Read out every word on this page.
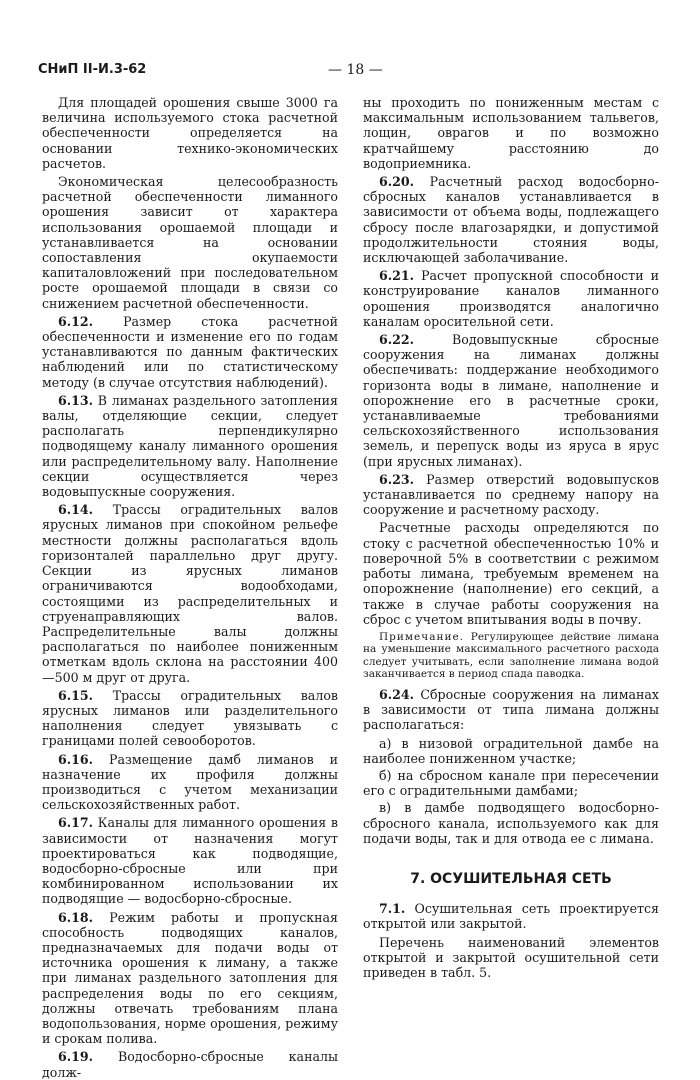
СНиП II-И.3-62	— 18 —

Для площадей орошения свыше 3000 га величина используемого стока расчетной обеспеченности определяется на основании технико-экономических расчетов.

Экономическая целесообразность расчетной обеспеченности лиманного орошения зависит от характера использования орошаемой площади и устанавливается на основании сопоставления окупаемости капиталовложений при последовательном росте орошаемой площади в связи со снижением расчетной обеспеченности.

6.12. Размер стока расчетной обеспеченности и изменение его по годам устанавливаются по данным фактических наблюдений или по статистическому методу (в случае отсутствия наблюдений).

6.13. В лиманах раздельного затопления валы, отделяющие секции, следует располагать перпендикулярно подводящему каналу лиманного орошения или распределительному валу. Наполнение секции осуществляется через водовыпускные сооружения.

6.14. Трассы оградительных валов ярусных лиманов при спокойном рельефе местности должны располагаться вдоль горизонталей параллельно друг другу. Секции из ярусных лиманов ограничиваются водообходами, состоящими из распределительных и струенаправляющих валов. Распределительные валы должны располагаться по наиболее пониженным отметкам вдоль склона на расстоянии 400—500 м друг от друга.

6.15. Трассы оградительных валов ярусных лиманов или разделительного наполнения следует увязывать с границами полей севооборотов.

6.16. Размещение дамб лиманов и назначение их профиля должны производиться с учетом механизации сельскохозяйственных работ.

6.17. Каналы для лиманного орошения в зависимости от назначения могут проектироваться как подводящие, водосборно-сбросные или при комбинированном использовании их подводящие — водосборно-сбросные.

6.18. Режим работы и пропускная способность подводящих каналов, предназначаемых для подачи воды от источника орошения к лиману, а также при лиманах раздельного затопления для распределения воды по его секциям, должны отвечать требованиям плана водопользования, норме орошения, режиму и срокам полива.

6.19. Водосборно-сбросные каналы долж-

ны проходить по пониженным местам с максимальным использованием тальвегов, лощин, оврагов и по возможно кратчайшему расстоянию до водоприемника.

6.20. Расчетный расход водосборно-сбросных каналов устанавливается в зависимости от объема воды, подлежащего сбросу после влагозарядки, и допустимой продолжительности стояния воды, исключающей заболачивание.

6.21. Расчет пропускной способности и конструирование каналов лиманного орошения производятся аналогично каналам оросительной сети.

6.22.	Водовыпускные сбросные сооружения на лиманах должны обеспечивать: поддержание необходимого горизонта воды в лимане, наполнение и опорожнение его в расчетные сроки, устанавливаемые требованиями сельскохозяйственного использования земель, и перепуск воды из яруса в ярус (при ярусных лиманах).

6.23. Размер отверстий водовыпусков устанавливается по среднему напору на сооружение и расчетному расходу.

Расчетные расходы определяются по стоку с расчетной обеспеченностью 10% и поверочной 5% в соответствии с режимом работы лимана, требуемым временем на опорожнение (наполнение) его секций, а также в случае работы сооружения на сброс с учетом впитывания воды в почву.

Примечание. Регулирующее действие лимана на уменьшение максимального расчетного расхода следует учитывать, если заполнение лимана водой заканчивается в период спада паводка.

6.24. Сбросные сооружения на лиманах в зависимости от типа лимана должны располагаться:

а) в низовой оградительной дамбе на наиболее пониженном участке;

б) на сбросном канале при пересечении его с оградительными дамбами;

в) в дамбе подводящего водосборно-сбросного канала, используемого как для подачи воды, так и для отвода ее с лимана.

7. ОСУШИТЕЛЬНАЯ СЕТЬ

7.1. Осушительная сеть проектируется открытой или закрытой.

Перечень наименований элементов открытой и закрытой осушительной сети приведен в табл. 5.
